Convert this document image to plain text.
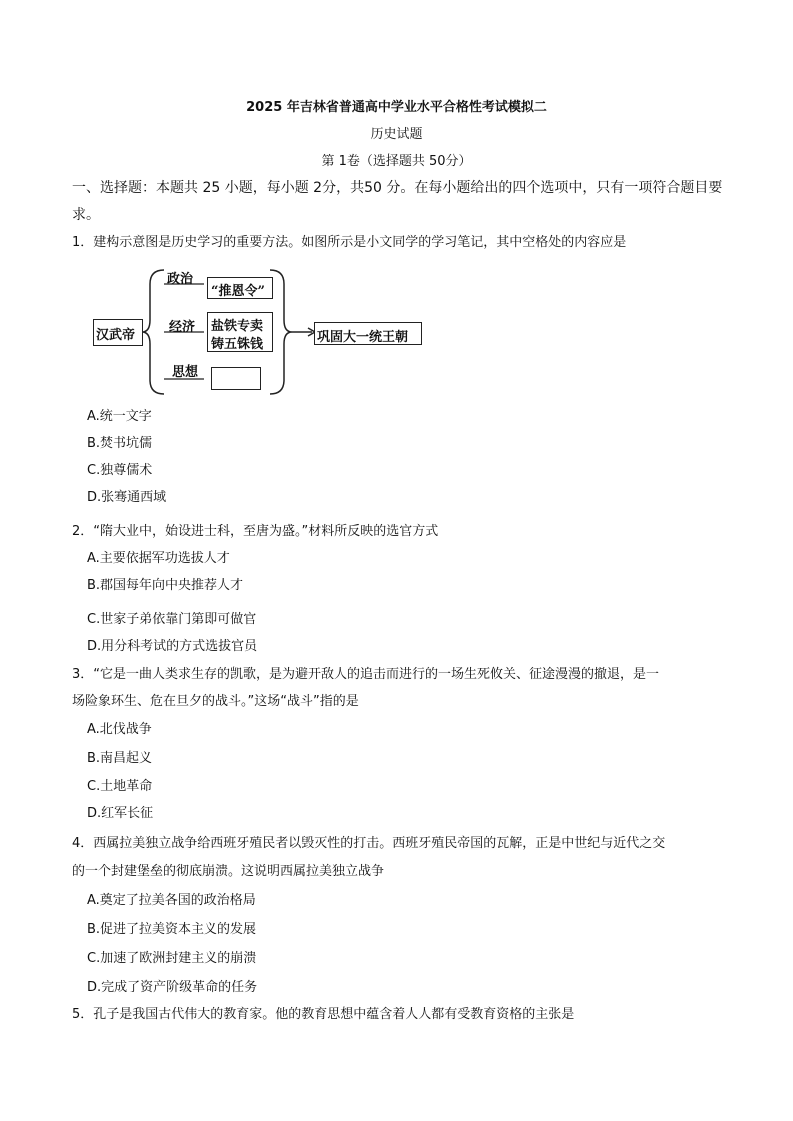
2025 年吉林省普通高中学业水平合格性考试模拟二
历史试题
第 1卷（选择题共 50分）
一、选择题：本题共 25 小题，每小题 2分，共50 分。在每小题给出的四个选项中，只有一项符合题目要
求。
1．建构示意图是历史学习的重要方法。如图所示是小文同学的学习笔记，其中空格处的内容应是
汉武帝
政治
“推恩令”
经济 盐铁专卖
铸五铢钱
思想
巩固大一统王朝
A.统一文字
B.焚书坑儒
C.独尊儒术
D.张骞通西域
2．“隋大业中，始设进士科，至唐为盛。”材料所反映的选官方式
A.主要依据军功选拔人才
B.郡国每年向中央推荐人才
C.世家子弟依靠门第即可做官
D.用分科考试的方式选拔官员
3．“它是一曲人类求生存的凯歌，是为避开敌人的追击而进行的一场生死攸关、征途漫漫的撤退，是一
场险象环生、危在旦夕的战斗。”这场“战斗”指的是
A.北伐战争
B.南昌起义
C.土地革命
D.红军长征
4．西属拉美独立战争给西班牙殖民者以毁灭性的打击。西班牙殖民帝国的瓦解，正是中世纪与近代之交
的一个封建堡垒的彻底崩溃。这说明西属拉美独立战争
A.奠定了拉美各国的政治格局
B.促进了拉美资本主义的发展
C.加速了欧洲封建主义的崩溃
D.完成了资产阶级革命的任务
5．孔子是我国古代伟大的教育家。他的教育思想中蕴含着人人都有受教育资格的主张是
